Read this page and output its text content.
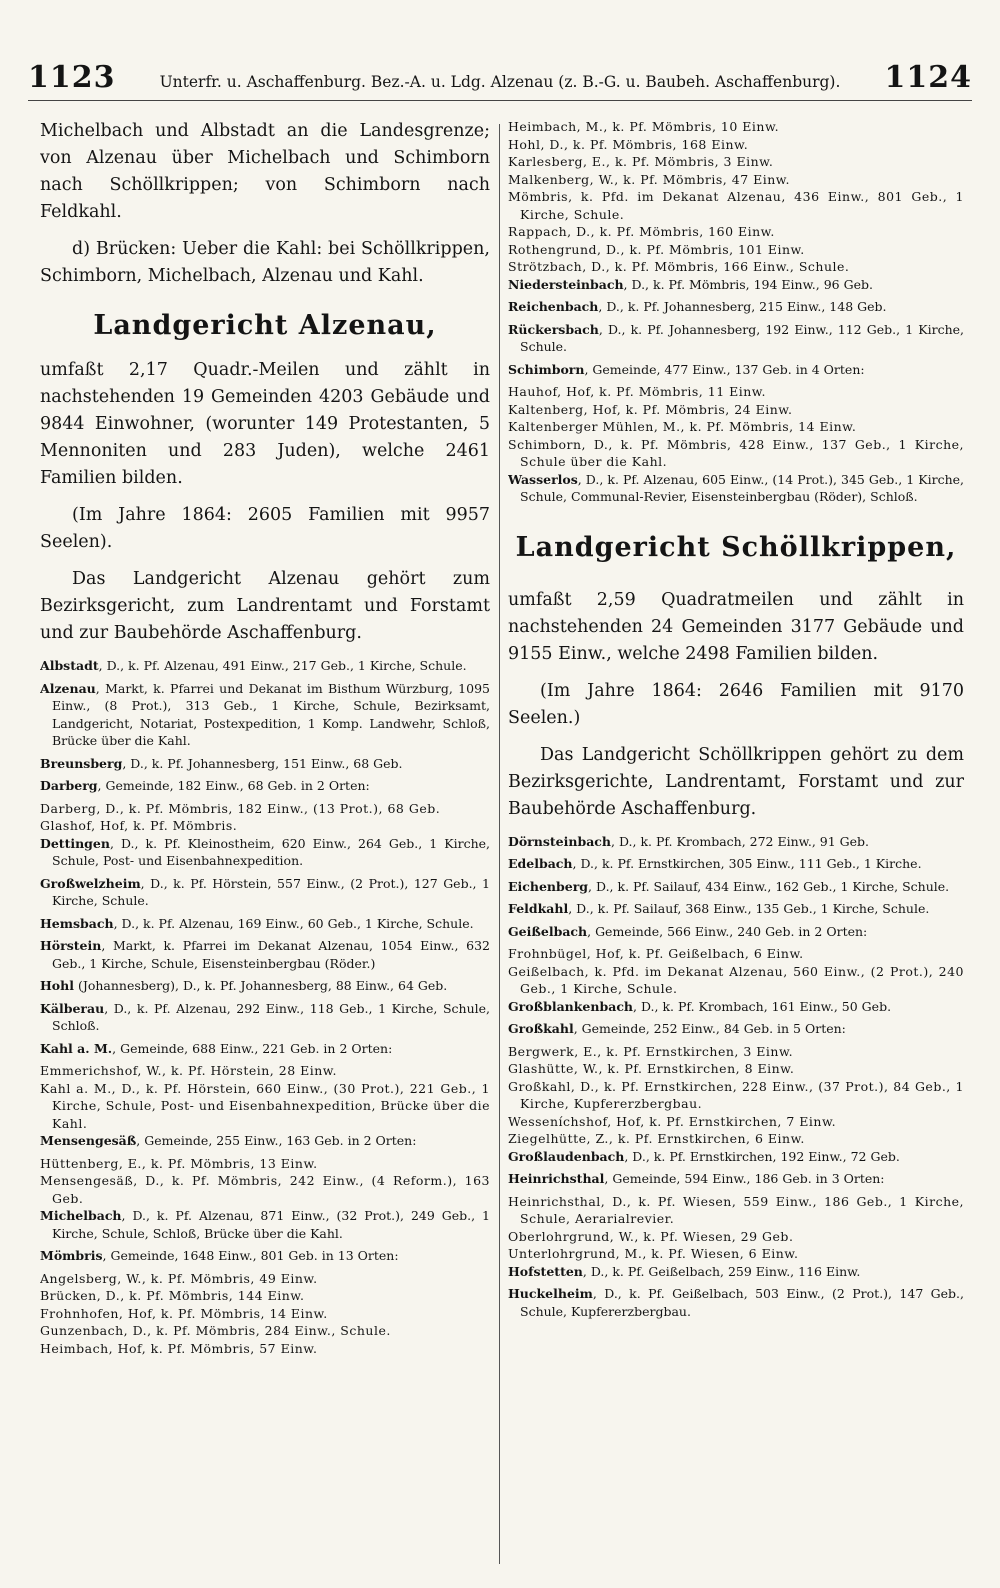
1123	Unterfr. u. Aschaffenburg. Bez.-A. u. Ldg. Alzenau (z. B.-G. u. Baubeh. Aschaffenburg).	1124

Michelbach und Albstadt an die Landesgrenze; von Alzenau über Michelbach und Schimborn nach Schöllkrippen; von Schimborn nach Feldkahl.

d) Brücken: Ueber die Kahl: bei Schöllkrippen, Schimborn, Michelbach, Alzenau und Kahl.

Landgericht Alzenau,

umfaßt 2,17 Quadr.-Meilen und zählt in nachstehenden 19 Gemeinden 4203 Gebäude und 9844 Einwohner, (worunter 149 Protestanten, 5 Mennoniten und 283 Juden), welche 2461 Familien bilden.

(Im Jahre 1864: 2605 Familien mit 9957 Seelen).

Das Landgericht Alzenau gehört zum Bezirksgericht, zum Landrentamt und Forstamt und zur Baubehörde Aschaffenburg.

Albstadt, D., k. Pf. Alzenau, 491 Einw., 217 Geb., 1 Kirche, Schule.

Alzenau, Markt, k. Pfarrei und Dekanat im Bisthum Würzburg, 1095 Einw., (8 Prot.), 313 Geb., 1 Kirche, Schule, Bezirksamt, Landgericht, Notariat, Postexpedition, 1 Komp. Landwehr, Schloß, Brücke über die Kahl.

Breunsberg, D., k. Pf. Johannesberg, 151 Einw., 68 Geb.

Darberg, Gemeinde, 182 Einw., 68 Geb. in 2 Orten:

Darberg, D., k. Pf. Mömbris, 182 Einw., (13 Prot.), 68 Geb.

Glashof, Hof, k. Pf. Mömbris.

Dettingen, D., k. Pf. Kleinostheim, 620 Einw., 264 Geb., 1 Kirche, Schule, Post- und Eisenbahnexpedition.

Großwelzheim, D., k. Pf. Hörstein, 557 Einw., (2 Prot.), 127 Geb., 1 Kirche, Schule.

Hemsbach, D., k. Pf. Alzenau, 169 Einw., 60 Geb., 1 Kirche, Schule.

Hörstein, Markt, k. Pfarrei im Dekanat Alzenau, 1054 Einw., 632 Geb., 1 Kirche, Schule, Eisensteinbergbau (Röder.)

Hohl (Johannesberg), D., k. Pf. Johannesberg, 88 Einw., 64 Geb.

Kälberau, D., k. Pf. Alzenau, 292 Einw., 118 Geb., 1 Kirche, Schule, Schloß.

Kahl a. M., Gemeinde, 688 Einw., 221 Geb. in 2 Orten:

Emmerichshof, W., k. Pf. Hörstein, 28 Einw.

Kahl a. M., D., k. Pf. Hörstein, 660 Einw., (30 Prot.), 221 Geb., 1 Kirche, Schule, Post- und Eisenbahnexpedition, Brücke über die Kahl.

Mensengesäß, Gemeinde, 255 Einw., 163 Geb. in 2 Orten:

Hüttenberg, E., k. Pf. Mömbris, 13 Einw.

Mensengesäß, D., k. Pf. Mömbris, 242 Einw., (4 Reform.), 163 Geb.

Michelbach, D., k. Pf. Alzenau, 871 Einw., (32 Prot.), 249 Geb., 1 Kirche, Schule, Schloß, Brücke über die Kahl.

Mömbris, Gemeinde, 1648 Einw., 801 Geb. in 13 Orten:

Angelsberg, W., k. Pf. Mömbris, 49 Einw.

Brücken, D., k. Pf. Mömbris, 144 Einw.

Frohnhofen, Hof, k. Pf. Mömbris, 14 Einw.

Gunzenbach, D., k. Pf. Mömbris, 284 Einw., Schule.

Heimbach, Hof, k. Pf. Mömbris, 57 Einw.

Heimbach, M., k. Pf. Mömbris, 10 Einw.

Hohl, D., k. Pf. Mömbris, 168 Einw.

Karlesberg, E., k. Pf. Mömbris, 3 Einw.

Malkenberg, W., k. Pf. Mömbris, 47 Einw.

Mömbris, k. Pfd. im Dekanat Alzenau, 436 Einw., 801 Geb., 1 Kirche, Schule.

Rappach, D., k. Pf. Mömbris, 160 Einw.

Rothengrund, D., k. Pf. Mömbris, 101 Einw.

Strötzbach, D., k. Pf. Mömbris, 166 Einw., Schule.

Niedersteinbach, D., k. Pf. Mömbris, 194 Einw., 96 Geb.

Reichenbach, D., k. Pf. Johannesberg, 215 Einw., 148 Geb.

Rückersbach, D., k. Pf. Johannesberg, 192 Einw., 112 Geb., 1 Kirche, Schule.

Schimborn, Gemeinde, 477 Einw., 137 Geb. in 4 Orten:

Hauhof, Hof, k. Pf. Mömbris, 11 Einw.

Kaltenberg, Hof, k. Pf. Mömbris, 24 Einw.

Kaltenberger Mühlen, M., k. Pf. Mömbris, 14 Einw.

Schimborn, D., k. Pf. Mömbris, 428 Einw., 137 Geb., 1 Kirche, Schule über die Kahl.

Wasserlos, D., k. Pf. Alzenau, 605 Einw., (14 Prot.), 345 Geb., 1 Kirche, Schule, Communal-Revier, Eisensteinbergbau (Röder), Schloß.

Landgericht Schöllkrippen,

umfaßt 2,59 Quadratmeilen und zählt in nachstehenden 24 Gemeinden 3177 Gebäude und 9155 Einw., welche 2498 Familien bilden.

(Im Jahre 1864: 2646 Familien mit 9170 Seelen.)

Das Landgericht Schöllkrippen gehört zu dem Bezirksgerichte, Landrentamt, Forstamt und zur Baubehörde Aschaffenburg.

Dörnsteinbach, D., k. Pf. Krombach, 272 Einw., 91 Geb.

Edelbach, D., k. Pf. Ernstkirchen, 305 Einw., 111 Geb., 1 Kirche.

Eichenberg, D., k. Pf. Sailauf, 434 Einw., 162 Geb., 1 Kirche, Schule.

Feldkahl, D., k. Pf. Sailauf, 368 Einw., 135 Geb., 1 Kirche, Schule.

Geißelbach, Gemeinde, 566 Einw., 240 Geb. in 2 Orten:

Frohnbügel, Hof, k. Pf. Geißelbach, 6 Einw.

Geißelbach, k. Pfd. im Dekanat Alzenau, 560 Einw., (2 Prot.), 240 Geb., 1 Kirche, Schule.

Großblankenbach, D., k. Pf. Krombach, 161 Einw., 50 Geb.

Großkahl, Gemeinde, 252 Einw., 84 Geb. in 5 Orten:

Bergwerk, E., k. Pf. Ernstkirchen, 3 Einw.

Glashütte, W., k. Pf. Ernstkirchen, 8 Einw.

Großkahl, D., k. Pf. Ernstkirchen, 228 Einw., (37 Prot.), 84 Geb., 1 Kirche, Kupfererzbergbau.

Wesseníchshof, Hof, k. Pf. Ernstkirchen, 7 Einw.

Ziegelhütte, Z., k. Pf. Ernstkirchen, 6 Einw.

Großlaudenbach, D., k. Pf. Ernstkirchen, 192 Einw., 72 Geb.

Heinrichsthal, Gemeinde, 594 Einw., 186 Geb. in 3 Orten:

Heinrichsthal, D., k. Pf. Wiesen, 559 Einw., 186 Geb., 1 Kirche, Schule, Aerarialrevier.

Oberlohrgrund, W., k. Pf. Wiesen, 29 Geb.

Unterlohrgrund, M., k. Pf. Wiesen, 6 Einw.

Hofstetten, D., k. Pf. Geißelbach, 259 Einw., 116 Einw.

Huckelheim, D., k. Pf. Geißelbach, 503 Einw., (2 Prot.), 147 Geb., Schule, Kupfererzbergbau.
